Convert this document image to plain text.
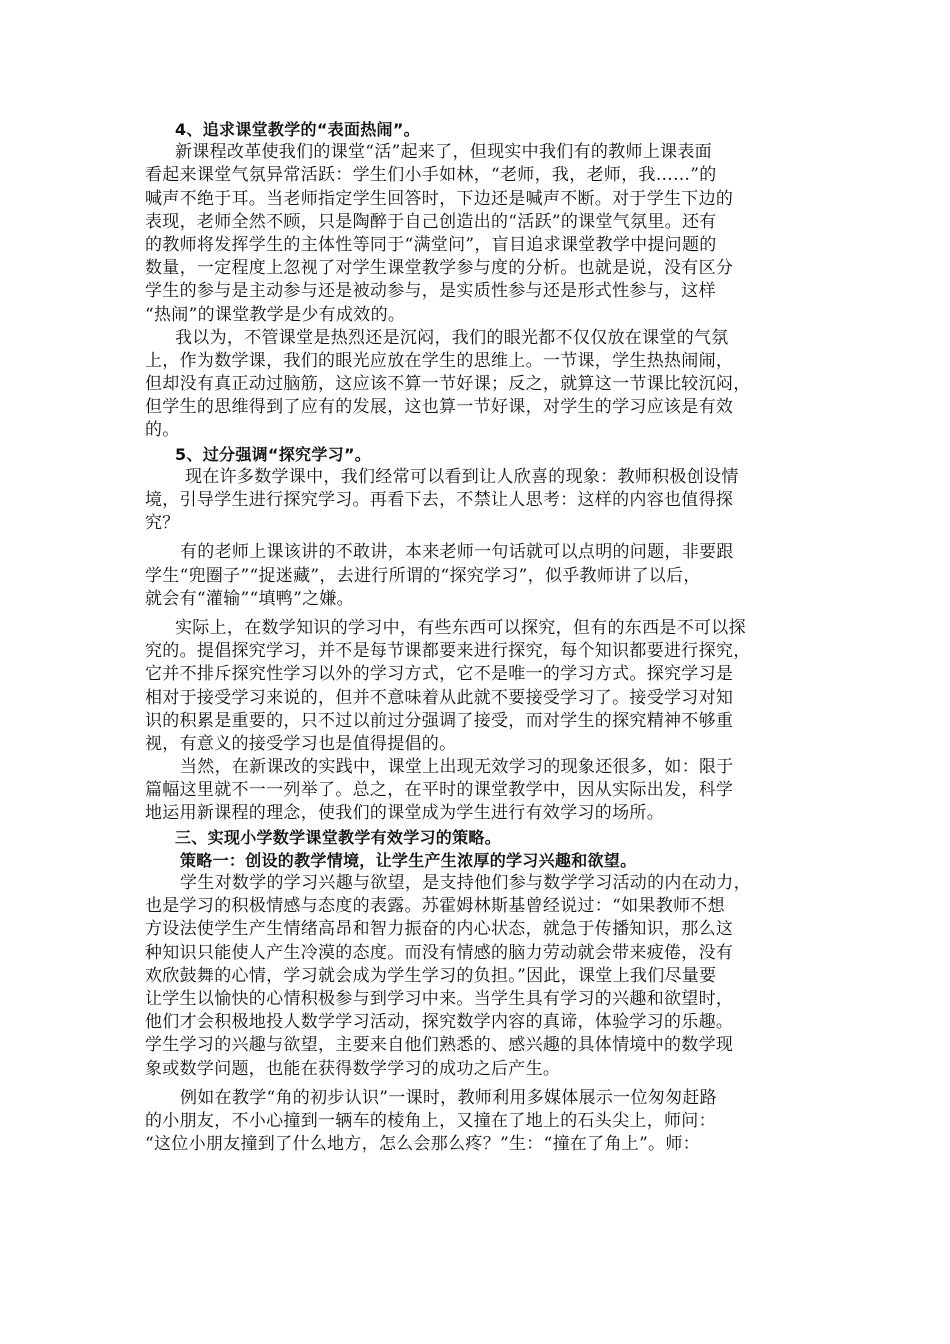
4、追求课堂教学的“表面热闹”。
新课程改革使我们的课堂“活”起来了，但现实中我们有的教师上课表面
看起来课堂气氛异常活跃：学生们小手如林，“老师，我，老师，我……”的
喊声不绝于耳。当老师指定学生回答时，下边还是喊声不断。对于学生下边的
表现，老师全然不顾，只是陶醉于自己创造出的“活跃”的课堂气氛里。还有
的教师将发挥学生的主体性等同于“满堂问”，盲目追求课堂教学中提问题的
数量，一定程度上忽视了对学生课堂教学参与度的分析。也就是说，没有区分
学生的参与是主动参与还是被动参与，是实质性参与还是形式性参与，这样
“热闹”的课堂教学是少有成效的。
我以为，不管课堂是热烈还是沉闷，我们的眼光都不仅仅放在课堂的气氛
上，作为数学课，我们的眼光应放在学生的思维上。一节课，学生热热闹闹，
但却没有真正动过脑筋，这应该不算一节好课；反之，就算这一节课比较沉闷，
但学生的思维得到了应有的发展，这也算一节好课，对学生的学习应该是有效
的。
5、过分强调“探究学习”。
现在许多数学课中，我们经常可以看到让人欣喜的现象：教师积极创设情
境，引导学生进行探究学习。再看下去，不禁让人思考：这样的内容也值得探
究？
有的老师上课该讲的不敢讲，本来老师一句话就可以点明的问题，非要跟
学生“兜圈子”“捉迷藏”，去进行所谓的“探究学习”，似乎教师讲了以后，
就会有“灌输”“填鸭”之嫌。
实际上，在数学知识的学习中，有些东西可以探究，但有的东西是不可以探
究的。提倡探究学习，并不是每节课都要来进行探究，每个知识都要进行探究，
它并不排斥探究性学习以外的学习方式，它不是唯一的学习方式。探究学习是
相对于接受学习来说的，但并不意味着从此就不要接受学习了。接受学习对知
识的积累是重要的，只不过以前过分强调了接受，而对学生的探究精神不够重
视，有意义的接受学习也是值得提倡的。
当然，在新课改的实践中，课堂上出现无效学习的现象还很多，如：限于
篇幅这里就不一一列举了。总之，在平时的课堂教学中，因从实际出发，科学
地运用新课程的理念，使我们的课堂成为学生进行有效学习的场所。
三、实现小学数学课堂教学有效学习的策略。
策略一：创设的教学情境，让学生产生浓厚的学习兴趣和欲望。
学生对数学的学习兴趣与欲望，是支持他们参与数学学习活动的内在动力，
也是学习的积极情感与态度的表露。苏霍姆林斯基曾经说过：“如果教师不想
方设法使学生产生情绪高昂和智力振奋的内心状态，就急于传播知识，那么这
种知识只能使人产生冷漠的态度。而没有情感的脑力劳动就会带来疲倦，没有
欢欣鼓舞的心情，学习就会成为学生学习的负担。”因此，课堂上我们尽量要
让学生以愉快的心情积极参与到学习中来。当学生具有学习的兴趣和欲望时，
他们才会积极地投人数学学习活动，探究数学内容的真谛，体验学习的乐趣。
学生学习的兴趣与欲望，主要来自他们熟悉的、感兴趣的具体情境中的数学现
象或数学问题，也能在获得数学学习的成功之后产生。
例如在教学“角的初步认识”一课时，教师利用多媒体展示一位匆匆赶路
的小朋友，不小心撞到一辆车的棱角上，又撞在了地上的石头尖上，师问：
“这位小朋友撞到了什么地方，怎么会那么疼？”生：“撞在了角上”。师：
